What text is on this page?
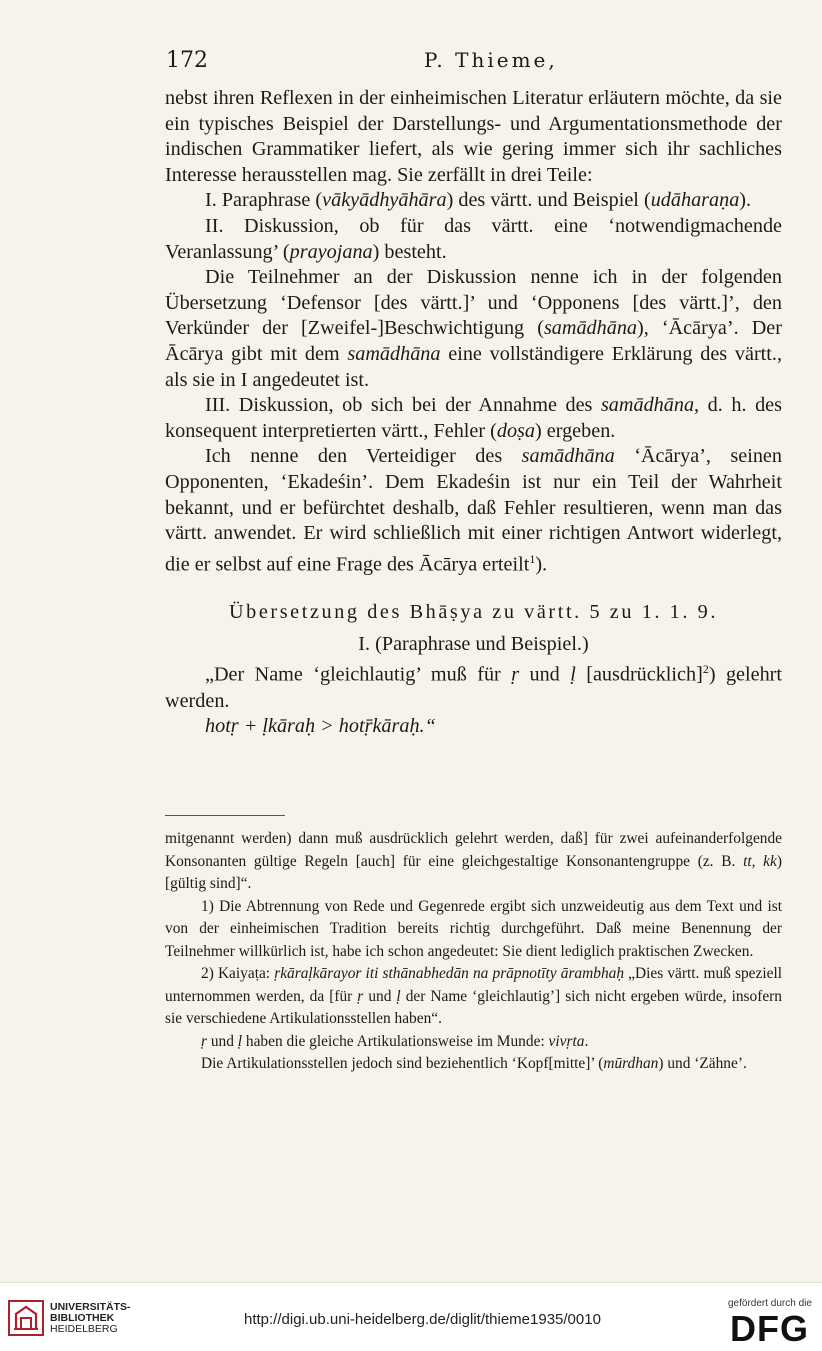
172	P. Thieme,

nebst ihren Reflexen in der einheimischen Literatur erläutern möchte, da sie ein typisches Beispiel der Darstellungs- und Argumentationsmethode der indischen Grammatiker liefert, als wie gering immer sich ihr sachliches Interesse herausstellen mag. Sie zerfällt in drei Teile:

I. Paraphrase (vākyādhyāhāra) des värtt. und Beispiel (udāharaṇa).

II. Diskussion, ob für das värtt. eine ‘notwendigmachende Veranlassung’ (prayojana) besteht.

Die Teilnehmer an der Diskussion nenne ich in der folgenden Übersetzung ‘Defensor [des värtt.]’ und ‘Opponens [des värtt.]’, den Verkünder der [Zweifel-]Beschwichtigung (samādhāna), ‘Ācārya’. Der Ācārya gibt mit dem samādhāna eine vollständigere Erklärung des värtt., als sie in I angedeutet ist.

III. Diskussion, ob sich bei der Annahme des samādhāna, d. h. des konsequent interpretierten värtt., Fehler (doṣa) ergeben.

Ich nenne den Verteidiger des samādhāna ‘Ācārya’, seinen Opponenten, ‘Ekadeśin’. Dem Ekadeśin ist nur ein Teil der Wahrheit bekannt, und er befürchtet deshalb, daß Fehler resultieren, wenn man das värtt. anwendet. Er wird schließlich mit einer richtigen Antwort widerlegt, die er selbst auf eine Frage des Ācārya erteilt$^1$).

Übersetzung des Bhāṣya zu värtt. 5 zu 1. 1. 9.

I. (Paraphrase und Beispiel.)

„Der Name ‘gleichlautig’ muß für ṛ und ḷ [ausdrücklich]$^2$) gelehrt werden.

hotṛ + ḷkāraḥ > hotṝkāraḥ.“

mitgenannt werden) dann muß ausdrücklich gelehrt werden, daß] für zwei aufeinanderfolgende Konsonanten gültige Regeln [auch] für eine gleichgestaltige Konsonantengruppe (z. B. tt, kk) [gültig sind]“.

1) Die Abtrennung von Rede und Gegenrede ergibt sich unzweideutig aus dem Text und ist von der einheimischen Tradition bereits richtig durchgeführt. Daß meine Benennung der Teilnehmer willkürlich ist, habe ich schon angedeutet: Sie dient lediglich praktischen Zwecken.

2) Kaiyaṭa: ṛkāraḷkārayor iti sthānabhedān na prāpnotīty ārambhaḥ „Dies värtt. muß speziell unternommen werden, da [für ṛ und ḷ der Name ‘gleichlautig’] sich nicht ergeben würde, insofern sie verschiedene Artikulationsstellen haben“.

ṛ und ḷ haben die gleiche Artikulationsweise im Munde: vivṛta.

Die Artikulationsstellen jedoch sind beziehentlich ‘Kopf[mitte]’ (mūrdhan) und ‘Zähne’.

UNIVERSITÄTS-
BIBLIOTHEK
HEIDELBERG
http://digi.ub.uni-heidelberg.de/diglit/thieme1935/0010
gefördert durch die
DFG
